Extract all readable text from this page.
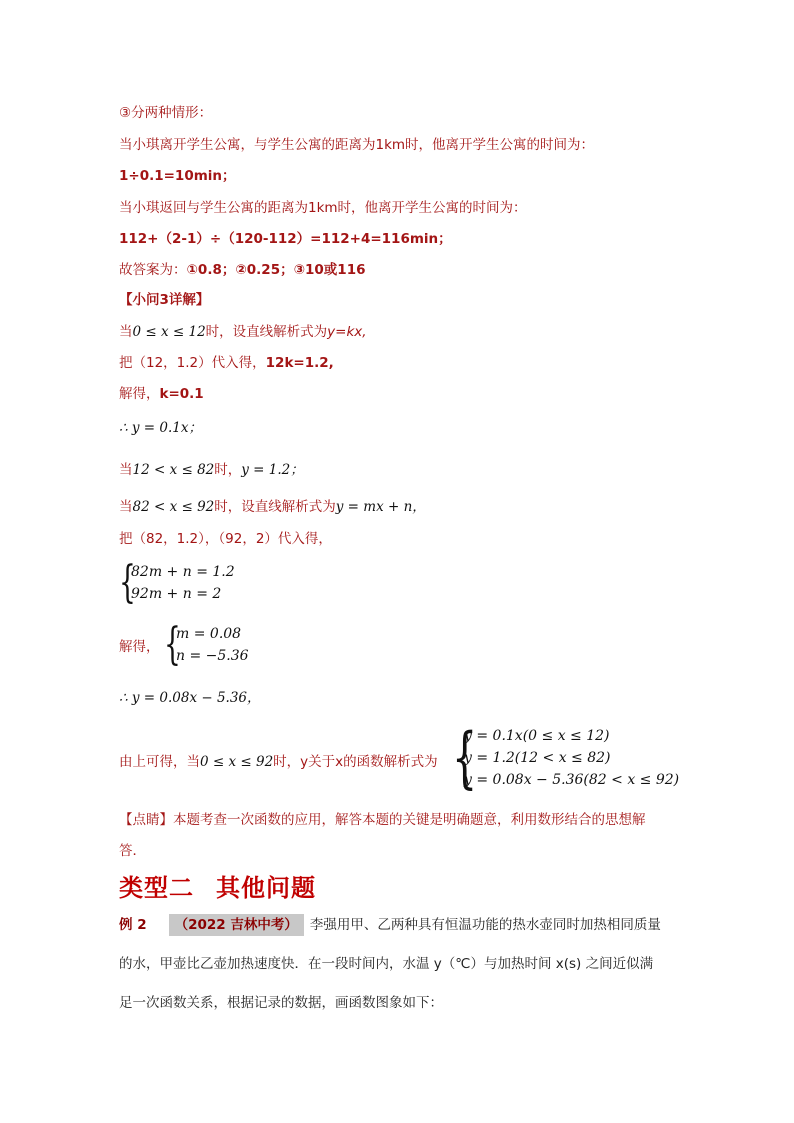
③分两种情形：
当小琪离开学生公寓，与学生公寓的距离为1km时，他离开学生公寓的时间为：
1÷0.1=10min；
当小琪返回与学生公寓的距离为1km时，他离开学生公寓的时间为：
112+（2-1）÷（120-112）=112+4=116min；
故答案为：①0.8；②0.25；③10或116
【小问3详解】
当0 ≤ x ≤ 12时，设直线解析式为y=kx,
把（12，1.2）代入得，12k=1.2,
解得，k=0.1
∴ y = 0.1x；
当12 < x ≤ 82时，y = 1.2；
当82 < x ≤ 92时，设直线解析式为y = mx + n，
把（82，1.2），（92，2）代入得，
{
82m + n = 1.2
92m + n = 2
解得， {
m = 0.08
n = −5.36
∴ y = 0.08x − 5.36，
由上可得，当0 ≤ x ≤ 92时，y关于x的函数解析式为 {
y = 0.1x(0 ≤ x ≤ 12)
y = 1.2(12 < x ≤ 82)
y = 0.08x − 5.36(82 < x ≤ 92)
【点睛】本题考查一次函数的应用，解答本题的关键是明确题意，利用数形结合的思想解
答．
类型二 其他问题
例 2 （2022 吉林中考） 李强用甲、乙两种具有恒温功能的热水壶同时加热相同质量
的水，甲壶比乙壶加热速度快．在一段时间内，水温 y（℃）与加热时间 x(s) 之间近似满
足一次函数关系，根据记录的数据，画函数图象如下：
